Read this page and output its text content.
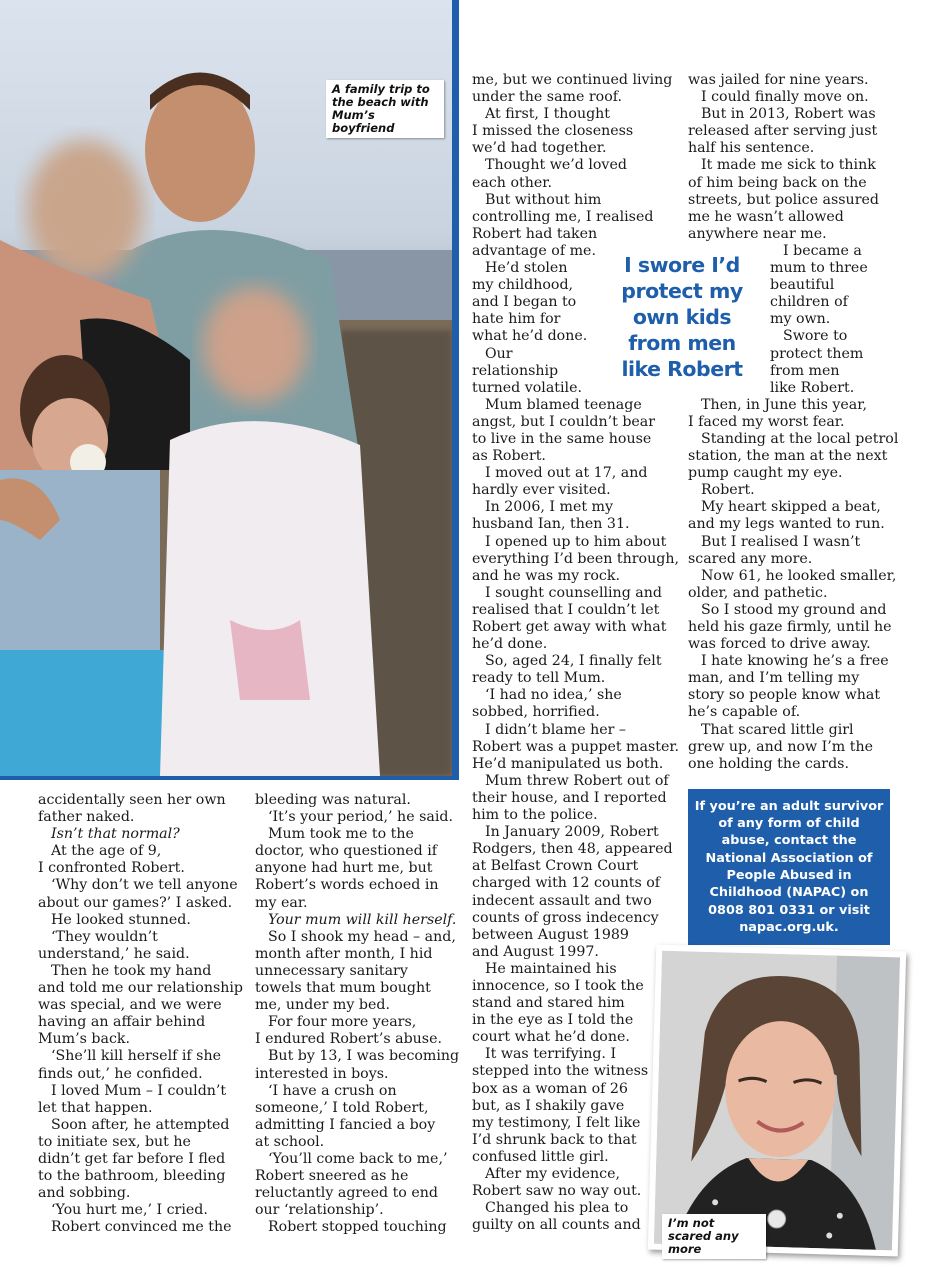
A family trip to the beach with Mum’s boyfriend

accidentally seen her own

father naked.

Isn’t that normal?

At the age of 9,

I confronted Robert.

‘Why don’t we tell anyone

about our games?’ I asked.

He looked stunned.

‘They wouldn’t

understand,’ he said.

Then he took my hand

and told me our relationship

was special, and we were

having an affair behind

Mum’s back.

‘She’ll kill herself if she

finds out,’ he confided.

I loved Mum – I couldn’t

let that happen.

Soon after, he attempted

to initiate sex, but he

didn’t get far before I fled

to the bathroom, bleeding

and sobbing.

‘You hurt me,’ I cried.

Robert convinced me the

bleeding was natural.

‘It’s your period,’ he said.

Mum took me to the

doctor, who questioned if

anyone had hurt me, but

Robert’s words echoed in

my ear.

Your mum will kill herself.

So I shook my head – and,

month after month, I hid

unnecessary sanitary

towels that mum bought

me, under my bed.

For four more years,

I endured Robert’s abuse.

But by 13, I was becoming

interested in boys.

‘I have a crush on

someone,’ I told Robert,

admitting I fancied a boy

at school.

‘You’ll come back to me,’

Robert sneered as he

reluctantly agreed to end

our ‘relationship’.

Robert stopped touching

me, but we continued living

under the same roof.

At first, I thought

I missed the closeness

we’d had together.

Thought we’d loved

each other.

But without him

controlling me, I realised

Robert had taken

advantage of me.

He’d stolen

my childhood,

and I began to

hate him for

what he’d done.

Our

relationship

turned volatile.

Mum blamed teenage

angst, but I couldn’t bear

to live in the same house

as Robert.

I moved out at 17, and

hardly ever visited.

In 2006, I met my

husband Ian, then 31.

I opened up to him about

everything I’d been through,

and he was my rock.

I sought counselling and

realised that I couldn’t let

Robert get away with what

he’d done.

So, aged 24, I finally felt

ready to tell Mum.

‘I had no idea,’ she

sobbed, horrified.

I didn’t blame her –

Robert was a puppet master.

He’d manipulated us both.

Mum threw Robert out of

their house, and I reported

him to the police.

In January 2009, Robert

Rodgers, then 48, appeared

at Belfast Crown Court

charged with 12 counts of

indecent assault and two

counts of gross indecency

between August 1989

and August 1997.

He maintained his

innocence, so I took the

stand and stared him

in the eye as I told the

court what he’d done.

It was terrifying. I

stepped into the witness

box as a woman of 26

but, as I shakily gave

my testimony, I felt like

I’d shrunk back to that

confused little girl.

After my evidence,

Robert saw no way out.

Changed his plea to

guilty on all counts and

I swore I’d protect my own kids from men like Robert

was jailed for nine years.

I could finally move on.

But in 2013, Robert was

released after serving just

half his sentence.

It made me sick to think

of him being back on the

streets, but police assured

me he wasn’t allowed

anywhere near me.

I became a

mum to three

beautiful

children of

my own.

Swore to

protect them

from men

like Robert.

Then, in June this year,

I faced my worst fear.

Standing at the local petrol

station, the man at the next

pump caught my eye.

Robert.

My heart skipped a beat,

and my legs wanted to run.

But I realised I wasn’t

scared any more.

Now 61, he looked smaller,

older, and pathetic.

So I stood my ground and

held his gaze firmly, until he

was forced to drive away.

I hate knowing he’s a free

man, and I’m telling my

story so people know what

he’s capable of.

That scared little girl

grew up, and now I’m the

one holding the cards.

If you’re an adult survivor of any form of child abuse, contact the National Association of People Abused in Childhood (NAPAC) on 0808 801 0331 or visit napac.org.uk.
I’m not scared any more
